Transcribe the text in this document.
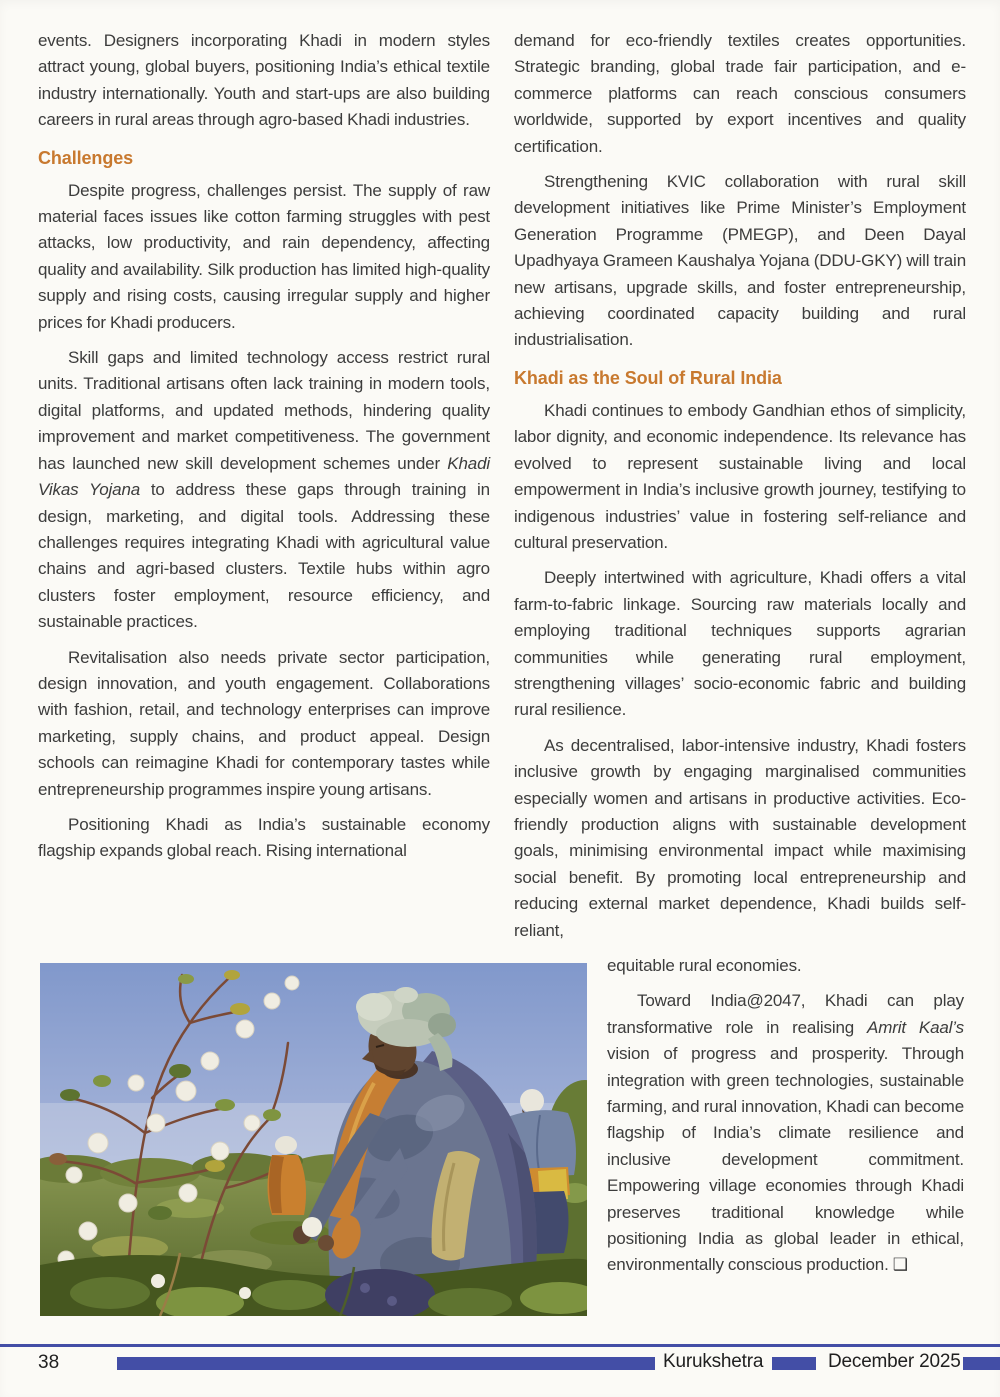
events. Designers incorporating Khadi in modern styles attract young, global buyers, positioning India’s ethical textile industry internationally. Youth and start-ups are also building careers in rural areas through agro-based Khadi industries.

Challenges

Despite progress, challenges persist. The supply of raw material faces issues like cotton farming struggles with pest attacks, low productivity, and rain dependency, affecting quality and availability. Silk production has limited high-quality supply and rising costs, causing irregular supply and higher prices for Khadi producers.

Skill gaps and limited technology access restrict rural units. Traditional artisans often lack training in modern tools, digital platforms, and updated methods, hindering quality improvement and market competitiveness. The government has launched new skill development schemes under Khadi Vikas Yojana to address these gaps through training in design, marketing, and digital tools. Addressing these challenges requires integrating Khadi with agricultural value chains and agri-based clusters. Textile hubs within agro clusters foster employment, resource efficiency, and sustainable practices.

Revitalisation also needs private sector participation, design innovation, and youth engagement. Collaborations with fashion, retail, and technology enterprises can improve marketing, supply chains, and product appeal. Design schools can reimagine Khadi for contemporary tastes while entrepreneurship programmes inspire young artisans.

Positioning Khadi as India’s sustainable economy flagship expands global reach. Rising international

demand for eco-friendly textiles creates opportunities. Strategic branding, global trade fair participation, and e-commerce platforms can reach conscious consumers worldwide, supported by export incentives and quality certification.

Strengthening KVIC collaboration with rural skill development initiatives like Prime Minister’s Employment Generation Programme (PMEGP), and Deen Dayal Upadhyaya Grameen Kaushalya Yojana (DDU-GKY) will train new artisans, upgrade skills, and foster entrepreneurship, achieving coordinated capacity building and rural industrialisation.

Khadi as the Soul of Rural India

Khadi continues to embody Gandhian ethos of simplicity, labor dignity, and economic independence. Its relevance has evolved to represent sustainable living and local empowerment in India’s inclusive growth journey, testifying to indigenous industries’ value in fostering self-reliance and cultural preservation.

Deeply intertwined with agriculture, Khadi offers a vital farm-to-fabric linkage. Sourcing raw materials locally and employing traditional techniques supports agrarian communities while generating rural employment, strengthening villages’ socio-economic fabric and building rural resilience.

As decentralised, labor-intensive industry, Khadi fosters inclusive growth by engaging marginalised communities especially women and artisans in productive activities. Eco-friendly production aligns with sustainable development goals, minimising environmental impact while maximising social benefit. By promoting local entrepreneurship and reducing external market dependence, Khadi builds self-reliant,

equitable rural economies.

Toward India@2047, Khadi can play transformative role in realising Amrit Kaal’s vision of progress and prosperity. Through integration with green technologies, sustainable farming, and rural innovation, Khadi can become flagship of India’s climate resilience and inclusive development commitment. Empowering village economies through Khadi preserves traditional knowledge while positioning India as global leader in ethical, environmentally conscious production. ❑

38	Kurukshetra	December 2025
